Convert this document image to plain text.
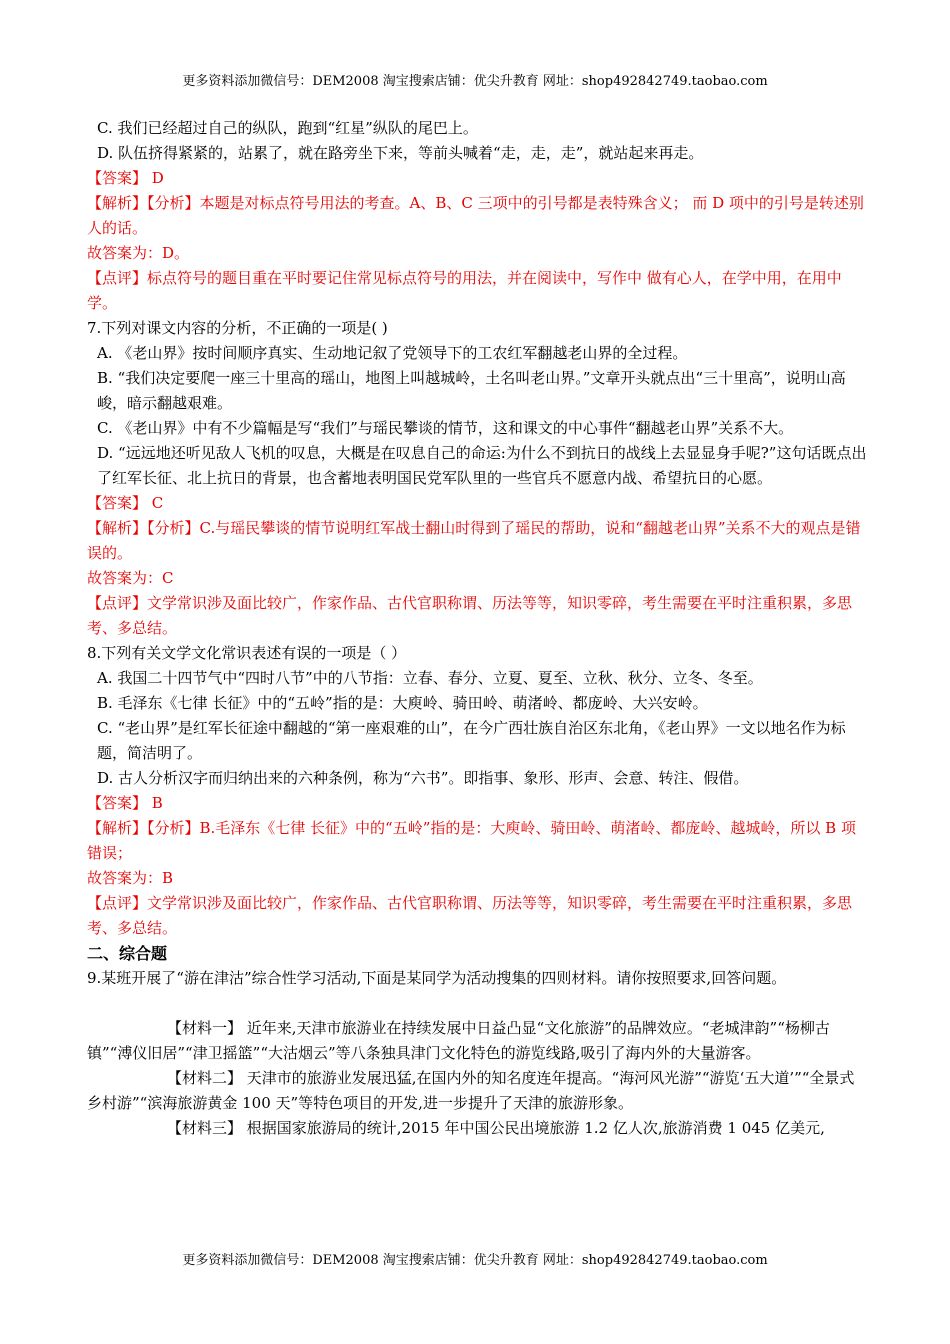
更多资料添加微信号：DEM2008 淘宝搜索店铺：优尖升教育 网址：shop492842749.taobao.com
C. 我们已经超过自己的纵队，跑到“红星”纵队的尾巴上。
D. 队伍挤得紧紧的，站累了，就在路旁坐下来，等前头喊着“走，走，走”，就站起来再走。
【答案】 D
【解析】【分析】本题是对标点符号用法的考查。A、B、C 三项中的引号都是表特殊含义； 而 D 项中的引号是转述别人的话。
故答案为：D。
【点评】标点符号的题目重在平时要记住常见标点符号的用法，并在阅读中，写作中 做有心人，在学中用，在用中学。
7.下列对课文内容的分析，不正确的一项是( )
A. 《老山界》按时间顺序真实、生动地记叙了党领导下的工农红军翻越老山界的全过程。
B. “我们决定要爬一座三十里高的瑶山，地图上叫越城岭，土名叫老山界。”文章开头就点出“三十里高”，说明山高峻，暗示翻越艰难。
C. 《老山界》中有不少篇幅是写“我们”与瑶民攀谈的情节，这和课文的中心事件“翻越老山界”关系不大。
D. “远远地还听见敌人飞机的叹息，大概是在叹息自己的命运:为什么不到抗日的战线上去显显身手呢?”这句话既点出了红军长征、北上抗日的背景，也含蓄地表明国民党军队里的一些官兵不愿意内战、希望抗日的心愿。
【答案】 C
【解析】【分析】C.与瑶民攀谈的情节说明红军战士翻山时得到了瑶民的帮助，说和“翻越老山界”关系不大的观点是错误的。
故答案为：C
【点评】文学常识涉及面比较广，作家作品、古代官职称谓、历法等等，知识零碎，考生需要在平时注重积累，多思考、多总结。
8.下列有关文学文化常识表述有误的一项是（ ）
A. 我国二十四节气中“四时八节”中的八节指：立春、春分、立夏、夏至、立秋、秋分、立冬、冬至。
B. 毛泽东《七律 长征》中的“五岭”指的是：大庾岭、骑田岭、萌渚岭、都庞岭、大兴安岭。
C. “老山界”是红军长征途中翻越的“第一座艰难的山”，在今广西壮族自治区东北角，《老山界》一文以地名作为标题，简洁明了。
D. 古人分析汉字而归纳出来的六种条例，称为“六书”。即指事、象形、形声、会意、转注、假借。
【答案】 B
【解析】【分析】B.毛泽东《七律 长征》中的“五岭”指的是：大庾岭、骑田岭、萌渚岭、都庞岭、越城岭，所以 B 项错误；
故答案为：B
【点评】文学常识涉及面比较广，作家作品、古代官职称谓、历法等等，知识零碎，考生需要在平时注重积累，多思考、多总结。
二、综合题
9.某班开展了“游在津沽”综合性学习活动,下面是某同学为活动搜集的四则材料。请你按照要求,回答问题。
【材料一】 近年来,天津市旅游业在持续发展中日益凸显“文化旅游”的品牌效应。“老城津韵”“杨柳古镇”“溥仪旧居”“津卫摇篮”“大沽烟云”等八条独具津门文化特色的游览线路,吸引了海内外的大量游客。
【材料二】 天津市的旅游业发展迅猛,在国内外的知名度连年提高。“海河风光游”“游览‘五大道’”“全景式乡村游”“滨海旅游黄金 100 天”等特色项目的开发,进一步提升了天津的旅游形象。
【材料三】 根据国家旅游局的统计,2015 年中国公民出境旅游 1.2 亿人次,旅游消费 1 045 亿美元,
更多资料添加微信号：DEM2008 淘宝搜索店铺：优尖升教育 网址：shop492842749.taobao.com
